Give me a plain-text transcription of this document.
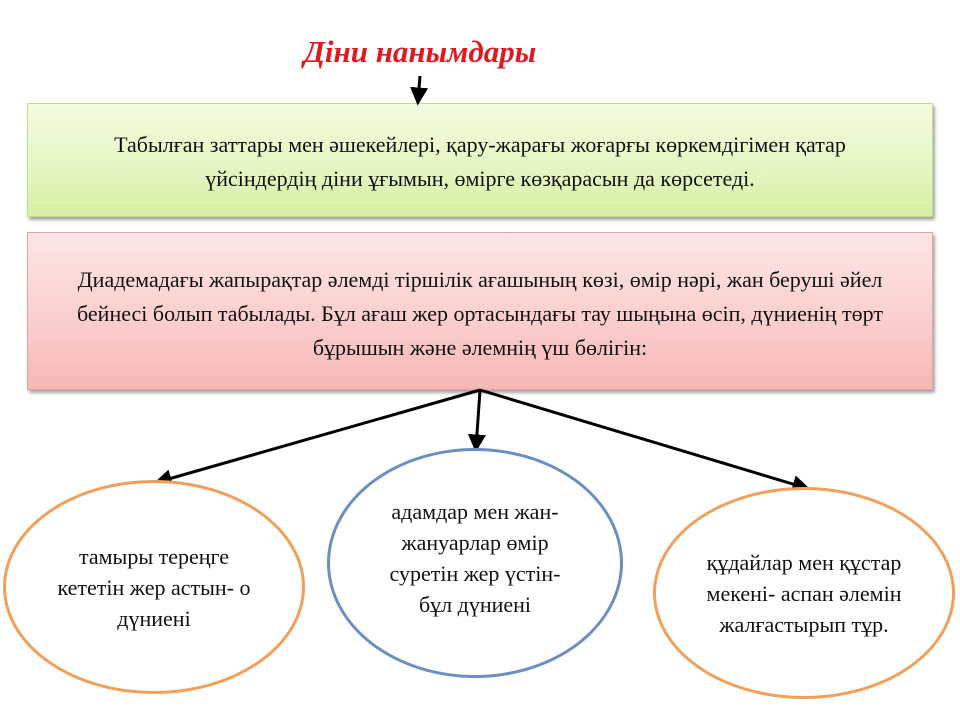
Діни нанымдары
Табылған заттары мен әшекейлері, қару-жарағы жоғарғы көркемдігімен қатар үйсіндердің діни ұғымын, өмірге көзқарасын да көрсетеді.
Диадемадағы жапырақтар әлемді тіршілік ағашының көзі, өмір нәрі, жан беруші әйел бейнесі болып табылады. Бұл ағаш жер ортасындағы тау шыңына өсіп, дүниенің төрт бұрышын және әлемнің үш бөлігін:
тамыры тереңге кететін жер астын- о дүниені
адамдар мен жан-жануарлар өмір суретін жер үстін- бұл дүниені
құдайлар мен құстар мекені- аспан әлемін жалғастырып тұр.
